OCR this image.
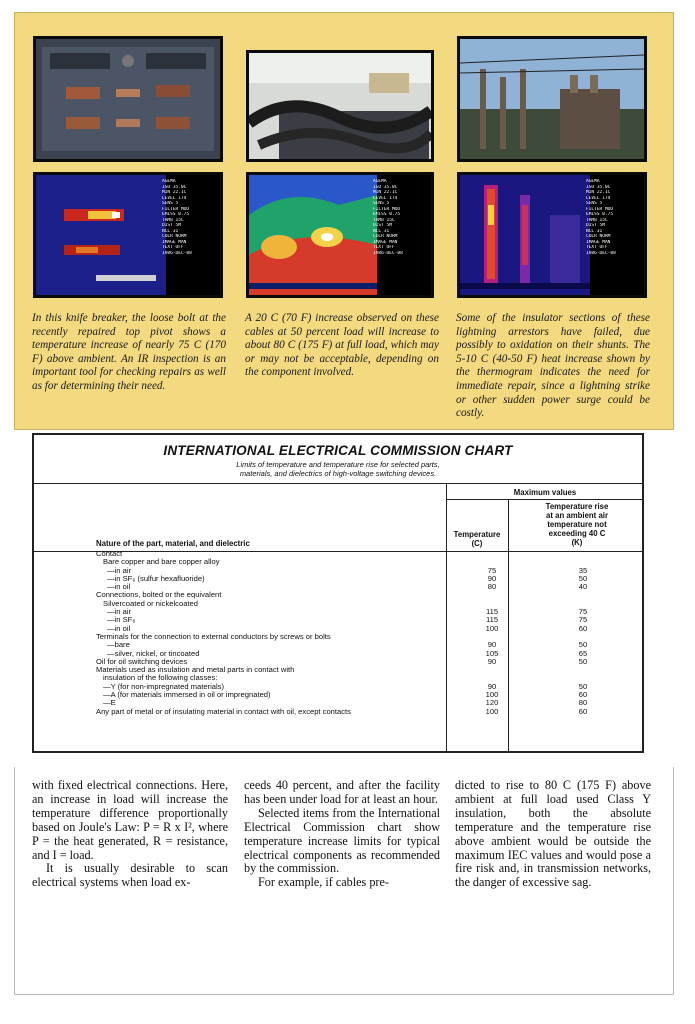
AGEMA
ISO 35.0C
MIN 22.1C
LEVEL 174
SENS 5
FILTER MOD
EMISS 0.75
TAMB 15C
DIST 5M
NCL 31
COLR NORM
IMAGE MAN
TEXT OFF
1986-DEC-08
AGEMA
ISO 35.0C
MIN 22.1C
LEVEL 174
SENS 5
FILTER MOD
EMISS 0.75
TAMB 15C
DIST 5M
NCL 31
COLR NORM
IMAGE MAN
TEXT OFF
1986-DEC-08
AGEMA
ISO 35.0C
MIN 22.1C
LEVEL 174
SENS 5
FILTER MOD
EMISS 0.75
TAMB 15C
DIST 5M
NCL 31
COLR NORM
IMAGE MAN
TEXT OFF
1986-DEC-08

In this knife breaker, the loose bolt at the recently repaired top pivot shows a temperature increase of nearly 75 C (170 F) above ambient. An IR inspection is an important tool for checking repairs as well as for determining their need.

A 20 C (70 F) increase observed on these cables at 50 percent load will increase to about 80 C (175 F) at full load, which may or may not be acceptable, depending on the component involved.

Some of the insulator sections of these lightning arrestors have failed, due possibly to oxidation on their shunts. The 5-10 C (40-50 F) heat increase shown by the thermogram indicates the need for immediate repair, since a lightning strike or other sudden power surge could be costly.

INTERNATIONAL ELECTRICAL COMMISSION CHART
Limits of temperature and temperature rise for selected parts,
materials, and dielectrics of high-voltage switching devices.
Maximum values
Temperature
(C)
Temperature rise
at an ambient air
temperature not
exceeding 40 C
(K)
Nature of the part, material, and dielectric
Contact
Bare copper and bare copper alloy
—in air	75	35
—in SF₆ (sulfur hexafluoride)	90	50
—in oil	80	40
Connections, bolted or the equivalent
Silvercoated or nickelcoated
—in air	115	75
—in SF₆	115	75
—in oil	100	60
Terminals for the connection to external conductors by screws or bolts
—bare	90	50
—silver, nickel, or tincoated	105	65
Oil for oil switching devices	90	50
Materials used as insulation and metal parts in contact with
insulation of the following classes:
—Y (for non-impregnated materials)	90	50
—A (for materials immersed in oil or impregnated)	100	60
—E	120	80
Any part of metal or of insulating material in contact with oil, except contacts	100	60

with fixed electrical connections. Here, an increase in load will increase the temperature difference proportionally based on Joule's Law: P = R x I², where P = the heat generated, R = resistance, and I = load.

It is usually desirable to scan electrical systems when load ex-

ceeds 40 percent, and after the facility has been under load for at least an hour.

Selected items from the International Electrical Commission chart show temperature increase limits for typical electrical components as recommended by the commission.

For example, if cables pre-

dicted to rise to 80 C (175 F) above ambient at full load used Class Y insulation, both the absolute temperature and the temperature rise above ambient would be outside the maximum IEC values and would pose a fire risk and, in transmission networks, the danger of excessive sag.
